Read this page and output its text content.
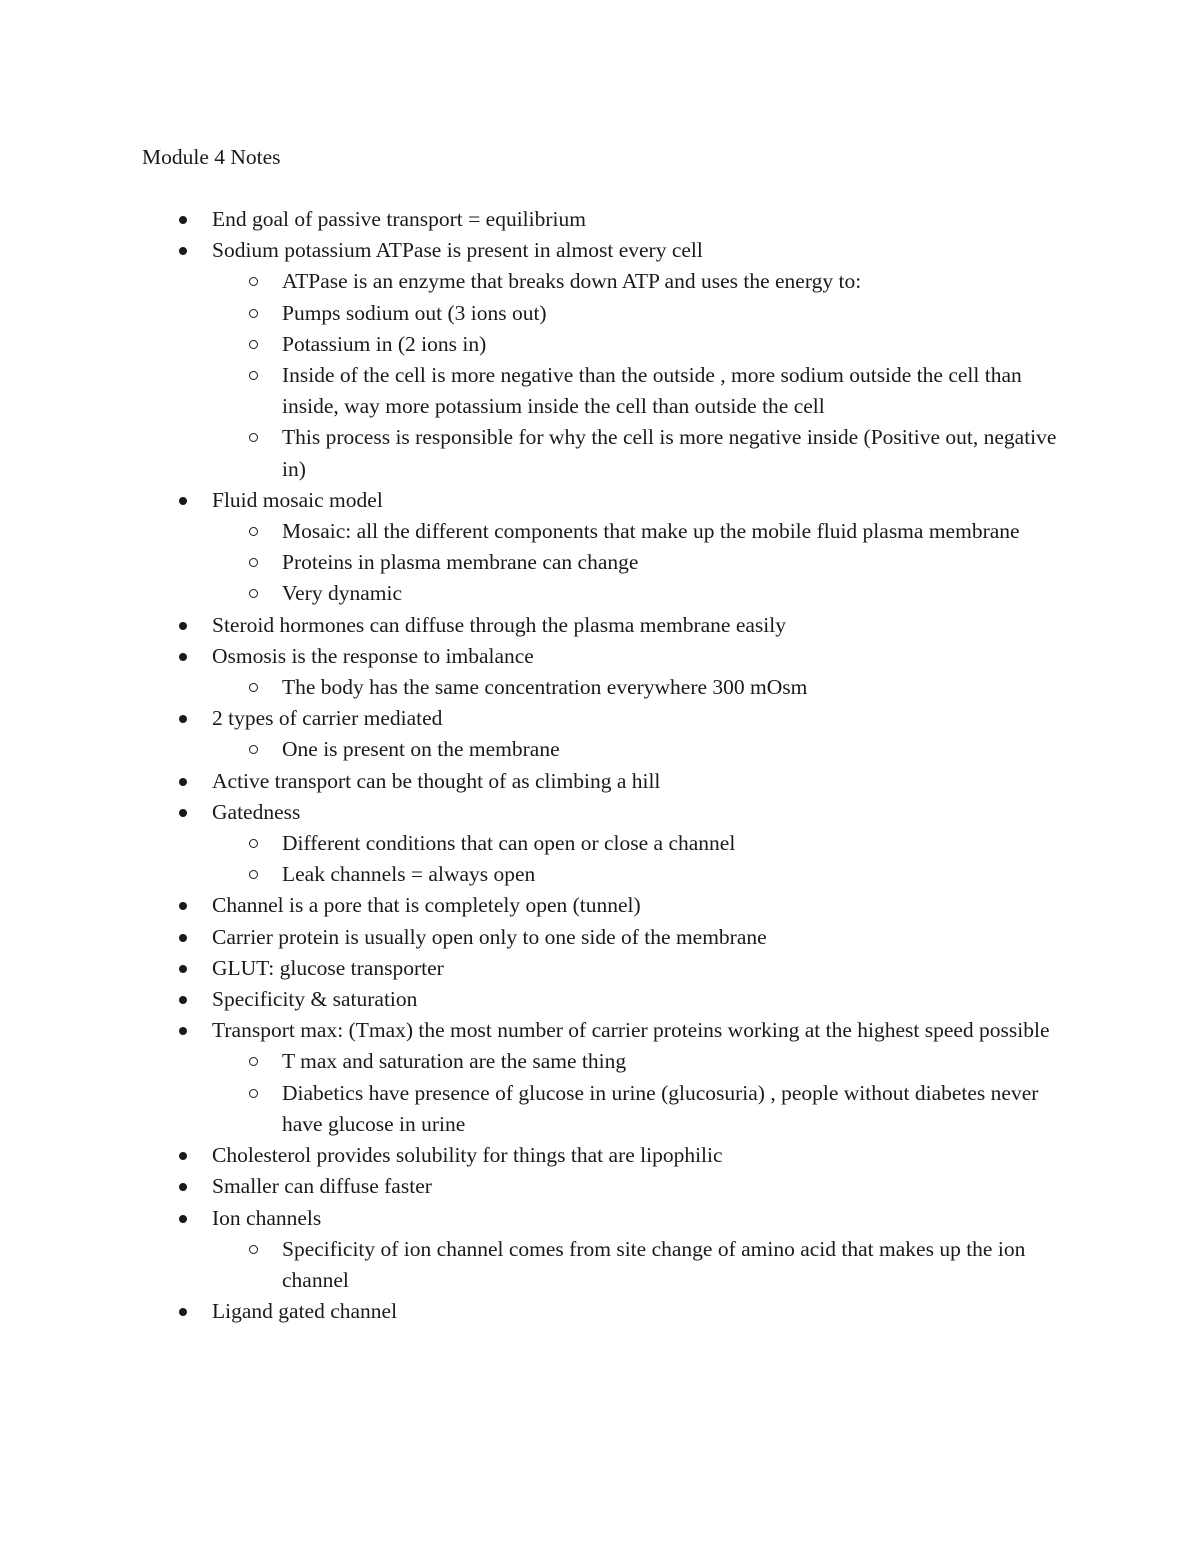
Module 4 Notes
End goal of passive transport = equilibrium
Sodium potassium ATPase is present in almost every cell
ATPase is an enzyme that breaks down ATP and uses the energy to:
Pumps sodium out (3 ions out)
Potassium in (2 ions in)
Inside of the cell is more negative than the outside , more sodium outside the cell than inside, way more potassium inside the cell than outside the cell
This process is responsible for why the cell is more negative inside (Positive out, negative in)
Fluid mosaic model
Mosaic: all the different components that make up the mobile fluid plasma membrane
Proteins in plasma membrane can change
Very dynamic
Steroid hormones can diffuse through the plasma membrane easily
Osmosis is the response to imbalance
The body has the same concentration everywhere 300 mOsm
2 types of carrier mediated
One is present on the membrane
Active transport can be thought of as climbing a hill
Gatedness
Different conditions that can open or close a channel
Leak channels = always open
Channel is a pore that is completely open (tunnel)
Carrier protein is usually open only to one side of the membrane
GLUT: glucose transporter
Specificity & saturation
Transport max: (Tmax) the most number of carrier proteins working at the highest speed possible
T max and saturation are the same thing
Diabetics have presence of glucose in urine (glucosuria) , people without diabetes never have glucose in urine
Cholesterol provides solubility for things that are lipophilic
Smaller can diffuse faster
Ion channels
Specificity of ion channel comes from site change of amino acid that makes up the ion channel
Ligand gated channel
